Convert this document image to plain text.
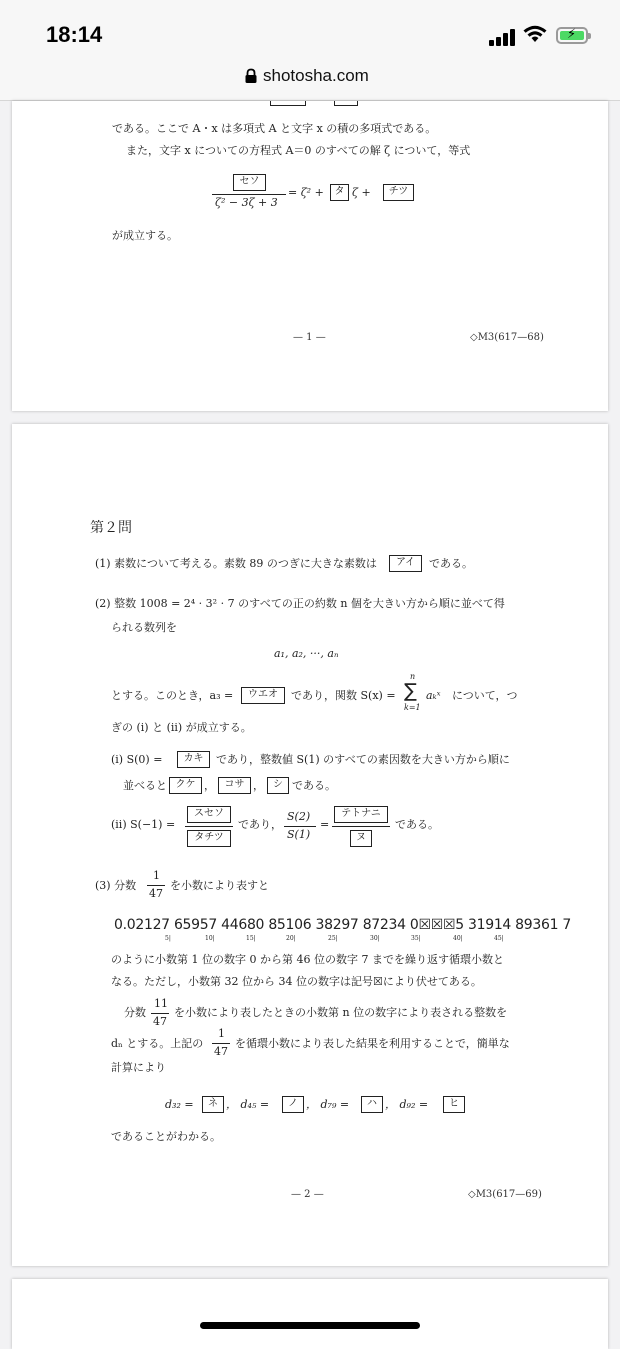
18:14	⚡
shotosha.com
である。ここで A・x は多項式 A と文字 x の積の多項式である。
また，文字 x についての方程式 A＝0 のすべての解 ζ について，等式
セソ
ζ² − 3ζ + 3
= ζ² +	タ ζ +	チツ
が成立する。
— 1 —	◇M3(617—68)
第２問
(1) 素数について考える。素数 89 のつぎに大きな素数は	アイ	である。
(2) 整数 1008 = 2⁴ · 3² · 7 のすべての正の約数 n 個を大きい方から順に並べて得
られる数列を
a₁, a₂, ···, aₙ
とする。このとき，a₃ =	ウエオ	であり，関数 S(x) =
n
∑
k=1
aₖˣ について，つ
ぎの (i) と (ii) が成立する。
(i) S(0) =	カキ	であり，整数値 S(1) のすべての素因数を大きい方から順に
並べると クケ ， コサ ， シ である。
(ii) S(−1) =
スセソ
タチツ
であり，
S(2)
S(1)
=
テトナニ
ヌ
である。
(3) 分数
1
47
を小数により表すと
0.02127 65957 44680 85106 38297 87234 0☒☒☒5 31914 89361 7
5|	10|	15|	20|	25|	30|	35|	40|	45|
のように小数第 1 位の数字 0 から第 46 位の数字 7 までを繰り返す循環小数と
なる。ただし，小数第 32 位から 34 位の数字は記号☒により伏せてある。
分数
11
47
を小数により表したときの小数第 n 位の数字により表される整数を
dₙ とする。上記の
1
47
を循環小数により表した結果を利用することで，簡単な
計算により
d₃₂ =	ネ ， d₄₅ =	ノ ， d₇₉ =	ハ ， d₉₂ =	ヒ
であることがわかる。
— 2 —	◇M3(617—69)
